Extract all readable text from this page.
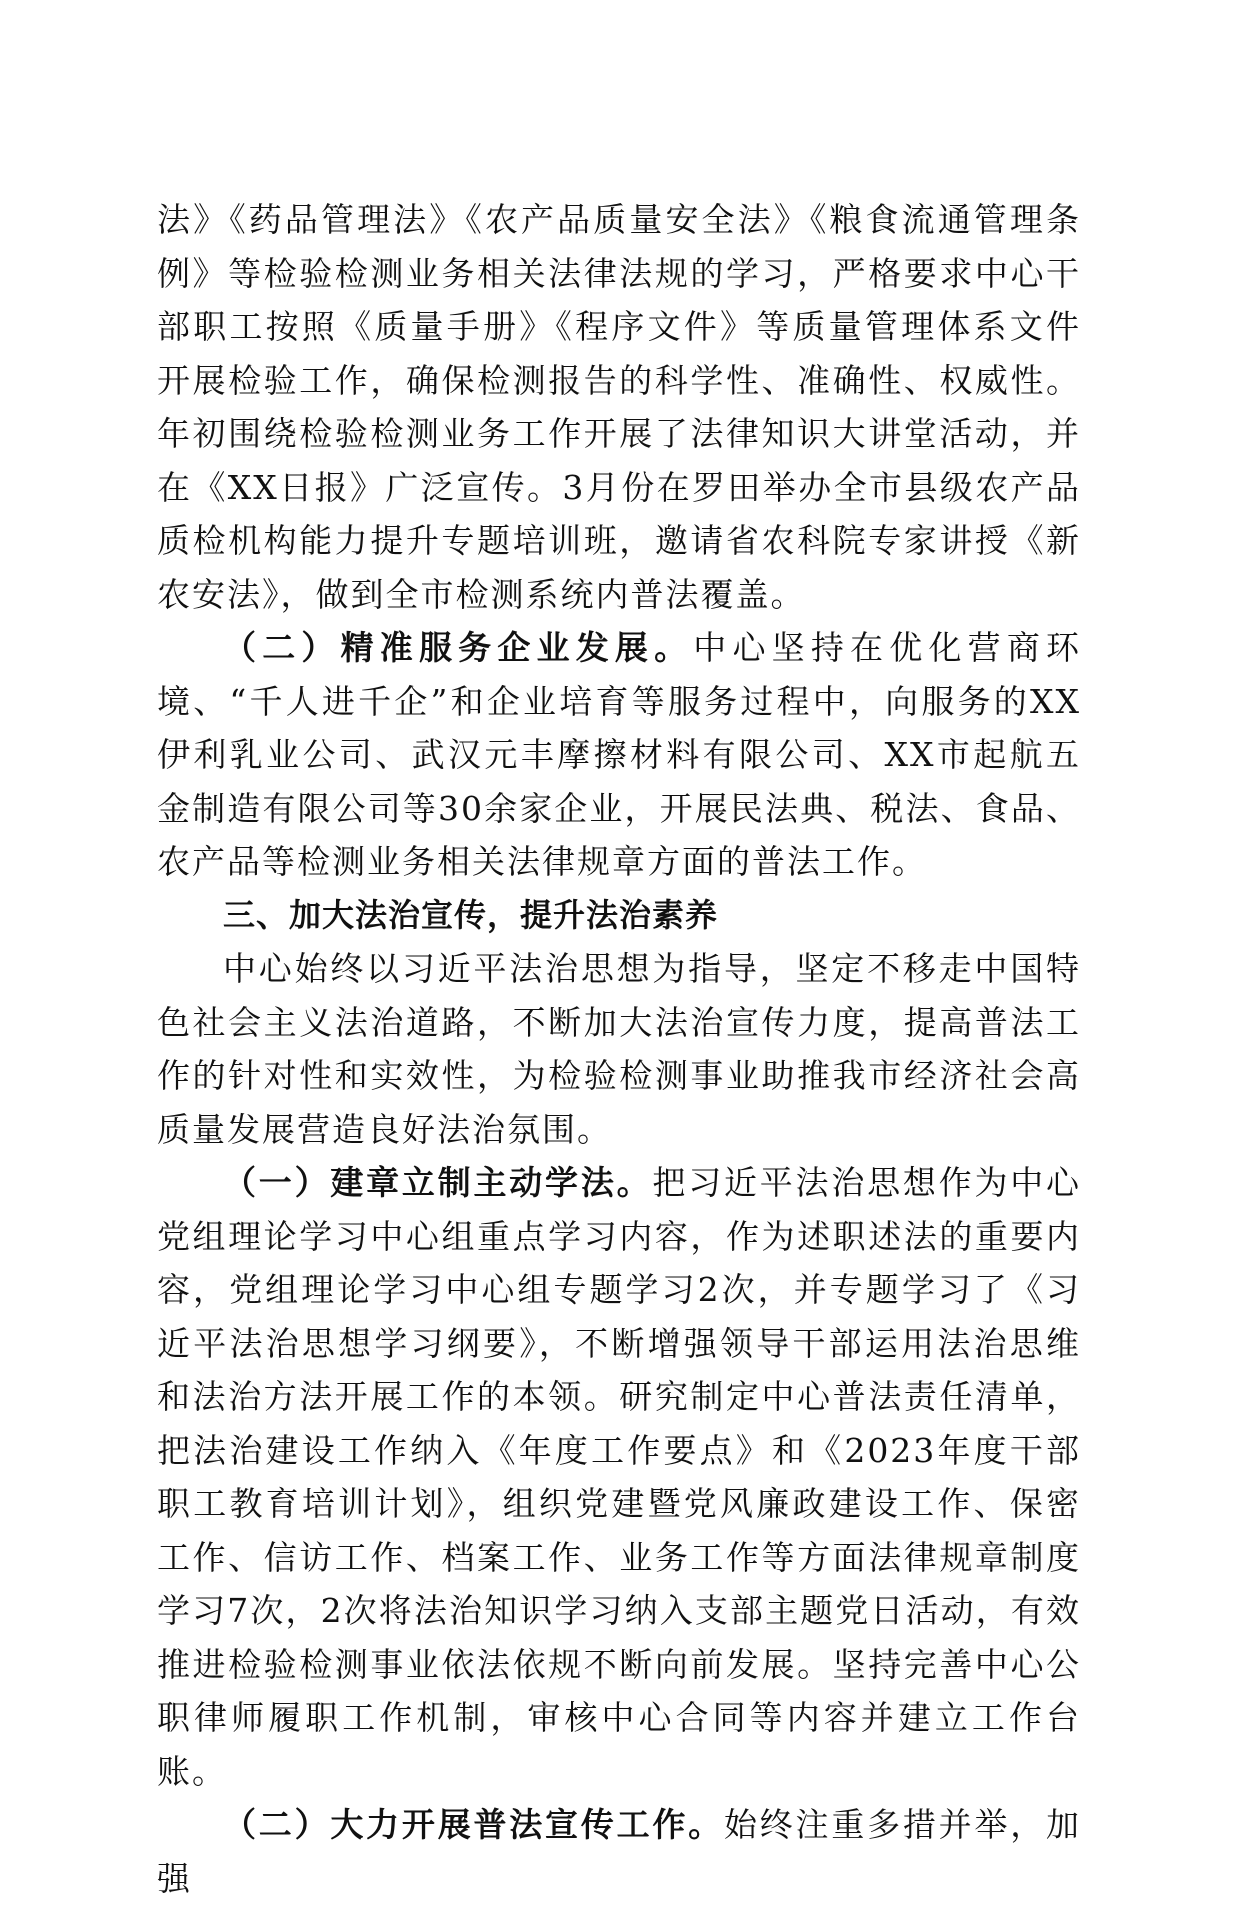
法》《药品管理法》《农产品质量安全法》《粮食流通管理条例》等检验检测业务相关法律法规的学习，严格要求中心干部职工按照《质量手册》《程序文件》等质量管理体系文件开展检验工作，确保检测报告的科学性、准确性、权威性。年初围绕检验检测业务工作开展了法律知识大讲堂活动，并在《XX日报》广泛宣传。3月份在罗田举办全市县级农产品质检机构能力提升专题培训班，邀请省农科院专家讲授《新农安法》，做到全市检测系统内普法覆盖。

（二）精准服务企业发展。中心坚持在优化营商环境、“千人进千企”和企业培育等服务过程中，向服务的XX伊利乳业公司、武汉元丰摩擦材料有限公司、XX市起航五金制造有限公司等30余家企业，开展民法典、税法、食品、农产品等检测业务相关法律规章方面的普法工作。

三、加大法治宣传，提升法治素养

中心始终以习近平法治思想为指导，坚定不移走中国特色社会主义法治道路，不断加大法治宣传力度，提高普法工作的针对性和实效性，为检验检测事业助推我市经济社会高质量发展营造良好法治氛围。

（一）建章立制主动学法。把习近平法治思想作为中心党组理论学习中心组重点学习内容，作为述职述法的重要内容，党组理论学习中心组专题学习2次，并专题学习了《习近平法治思想学习纲要》，不断增强领导干部运用法治思维和法治方法开展工作的本领。研究制定中心普法责任清单，把法治建设工作纳入《年度工作要点》和《2023年度干部职工教育培训计划》，组织党建暨党风廉政建设工作、保密工作、信访工作、档案工作、业务工作等方面法律规章制度学习7次，2次将法治知识学习纳入支部主题党日活动，有效推进检验检测事业依法依规不断向前发展。坚持完善中心公职律师履职工作机制，审核中心合同等内容并建立工作台账。

（二）大力开展普法宣传工作。始终注重多措并举，加强
